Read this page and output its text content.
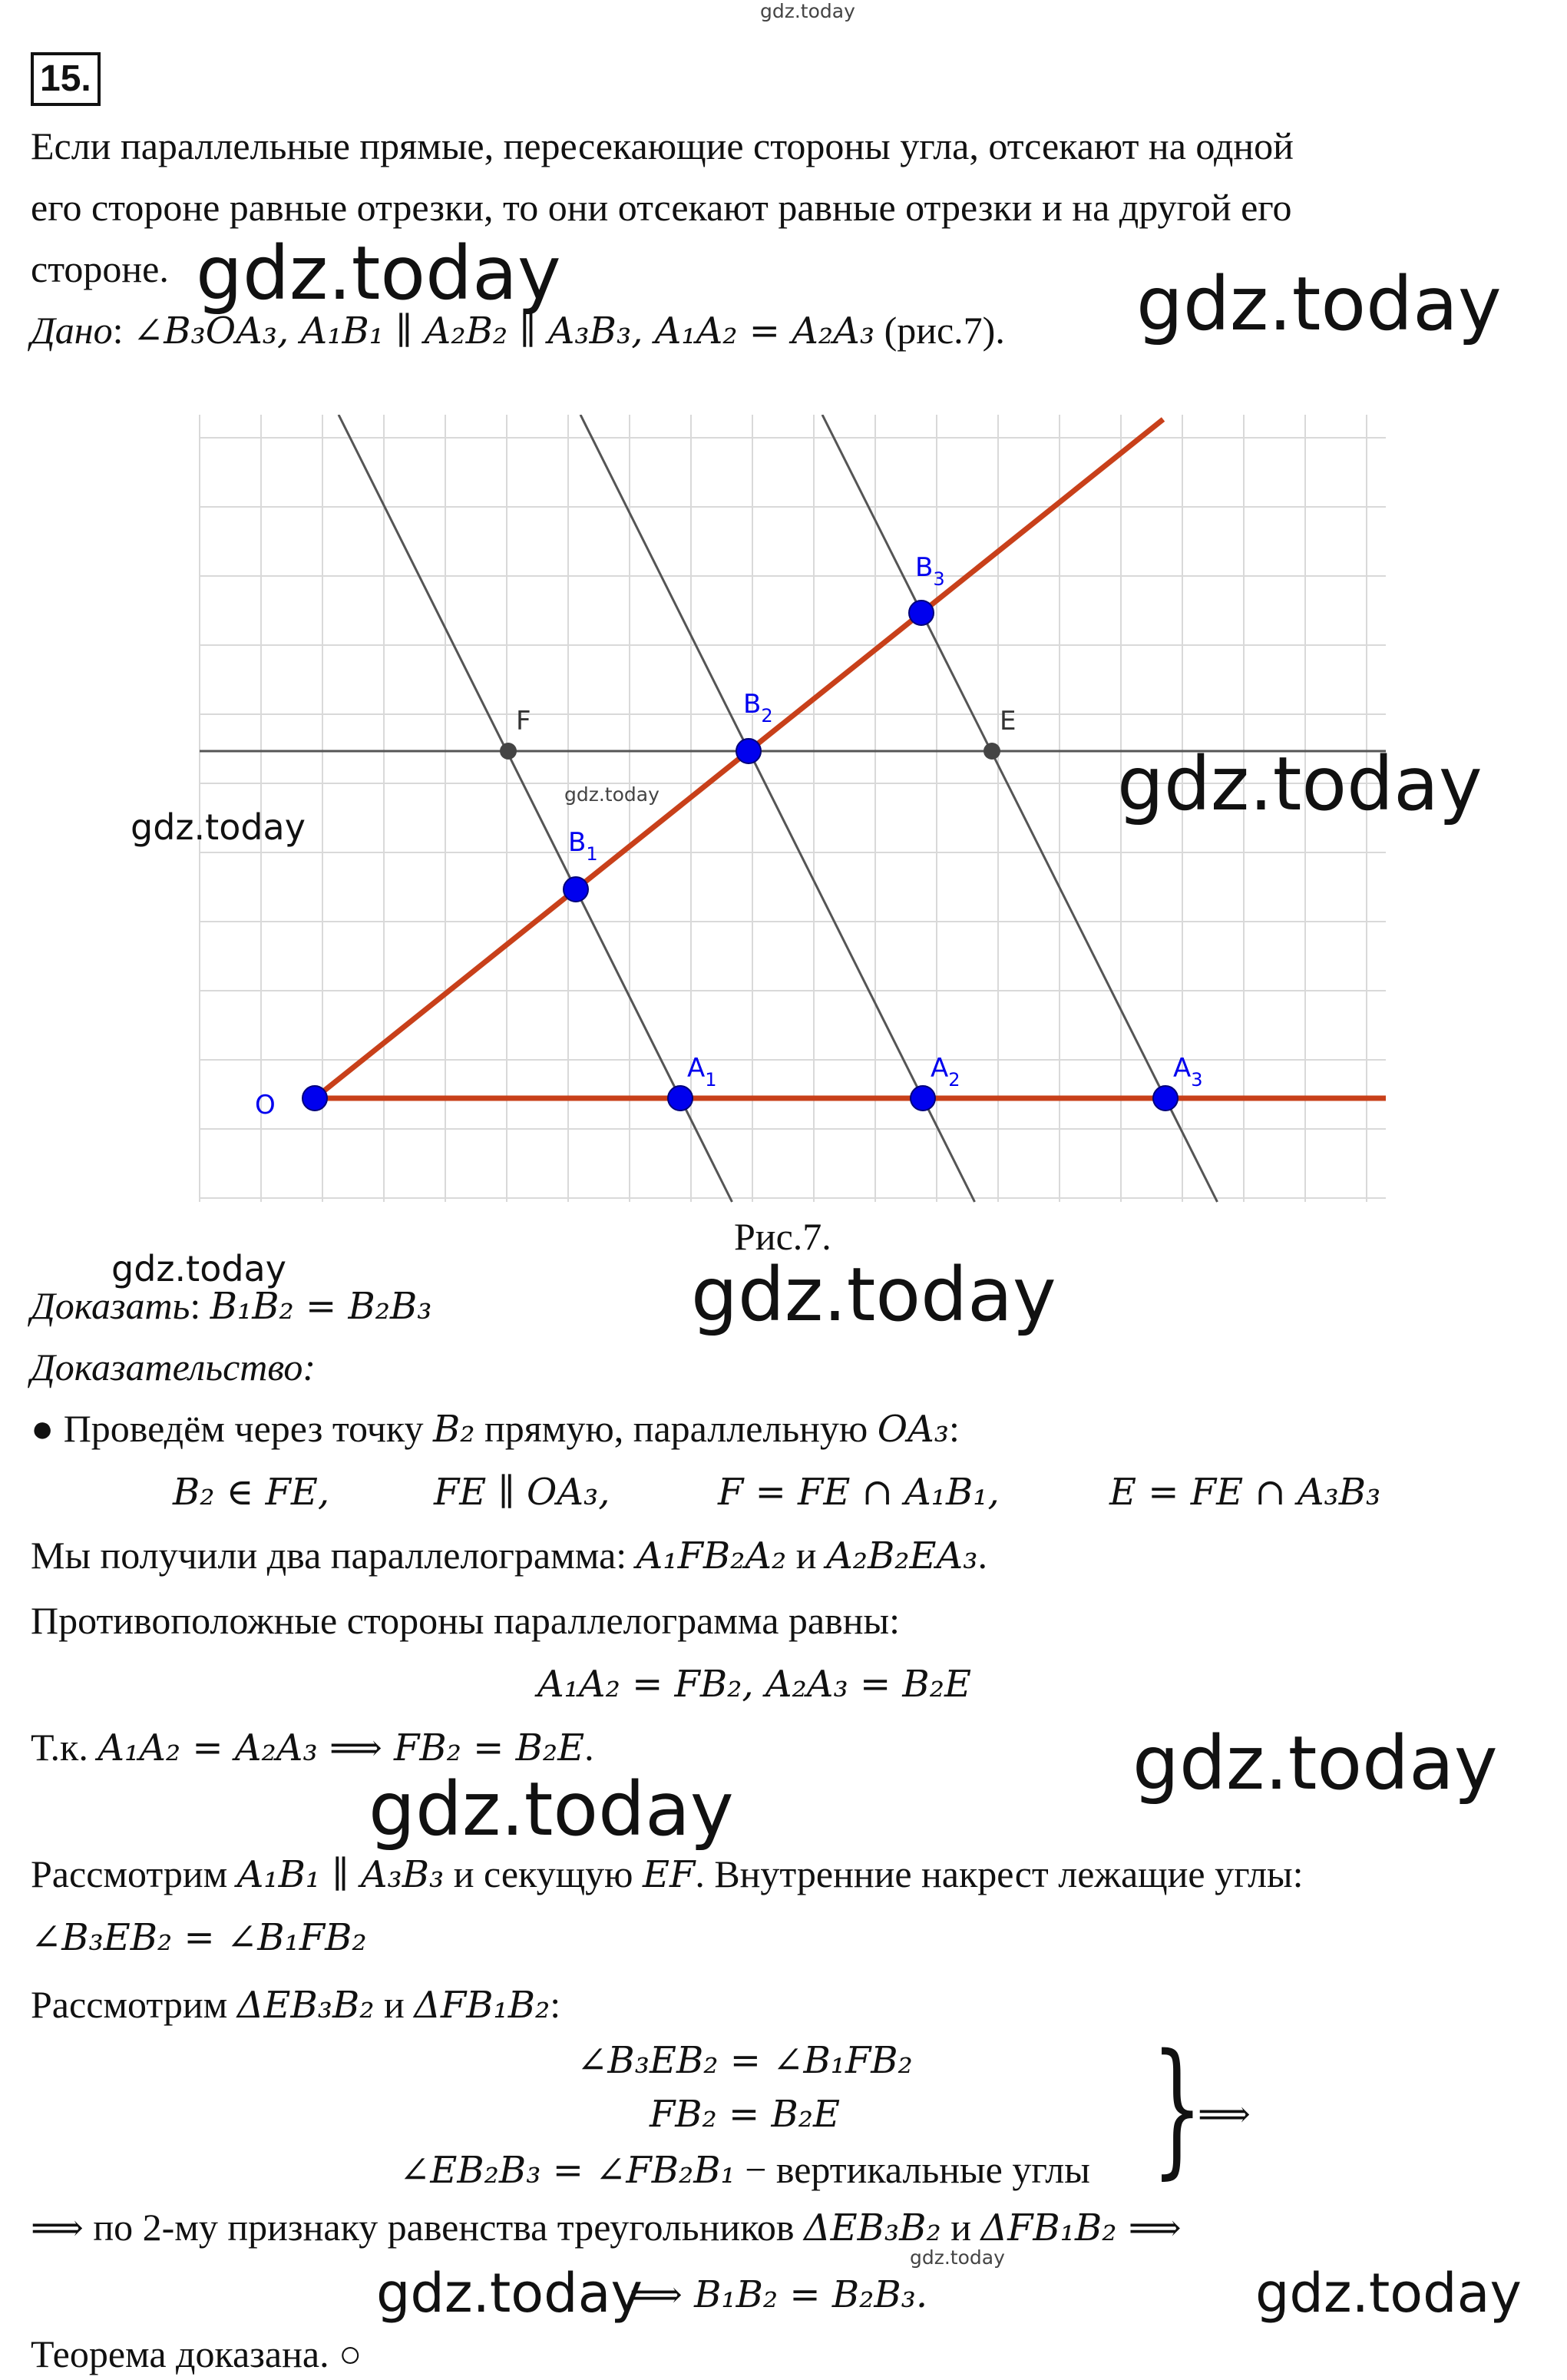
gdz.today
15.
Если параллельные прямые, пересекающие стороны угла, отсекают на одной
его стороне равные отрезки, то они отсекают равные отрезки и на другой его
стороне.
Дано: ∠B₃OA₃, A₁B₁ ∥ A₂B₂ ∥ A₃B₃, A₁A₂ = A₂A₃ (рис.7).
O
$A_1$	$A_2$	$A_3$
$B_1$
$B_2$
$B_3$
F	E
Рис.7.
Доказать: B₁B₂ = B₂B₃
Доказательство:
● Проведём через точку B₂ прямую, параллельную OA₃:
B₂ ∈ FE,	FE ∥ OA₃,	F = FE ∩ A₁B₁,	E = FE ∩ A₃B₃
Мы получили два параллелограмма: A₁FB₂A₂ и A₂B₂EA₃.
Противоположные стороны параллелограмма равны:
A₁A₂ = FB₂, A₂A₃ = B₂E
Т.к. A₁A₂ = A₂A₃ ⟹ FB₂ = B₂E.
Рассмотрим A₁B₁ ∥ A₃B₃ и секущую EF. Внутренние накрест лежащие углы:
∠B₃EB₂ = ∠B₁FB₂
Рассмотрим ΔEB₃B₂ и ΔFB₁B₂:
∠B₃EB₂ = ∠B₁FB₂
FB₂ = B₂E
∠EB₂B₃ = ∠FB₂B₁ − вертикальные углы }
⟹
⟹ по 2-му признаку равенства треугольников ΔEB₃B₂ и ΔFB₁B₂ ⟹
⟹ B₁B₂ = B₂B₃.
Теорема доказана. ○
gdz.today	gdz.today
gdz.today
gdz.today
gdz.today
gdz.today	gdz.today
gdz.today
gdz.today
gdz.today
gdz.today	gdz.today
